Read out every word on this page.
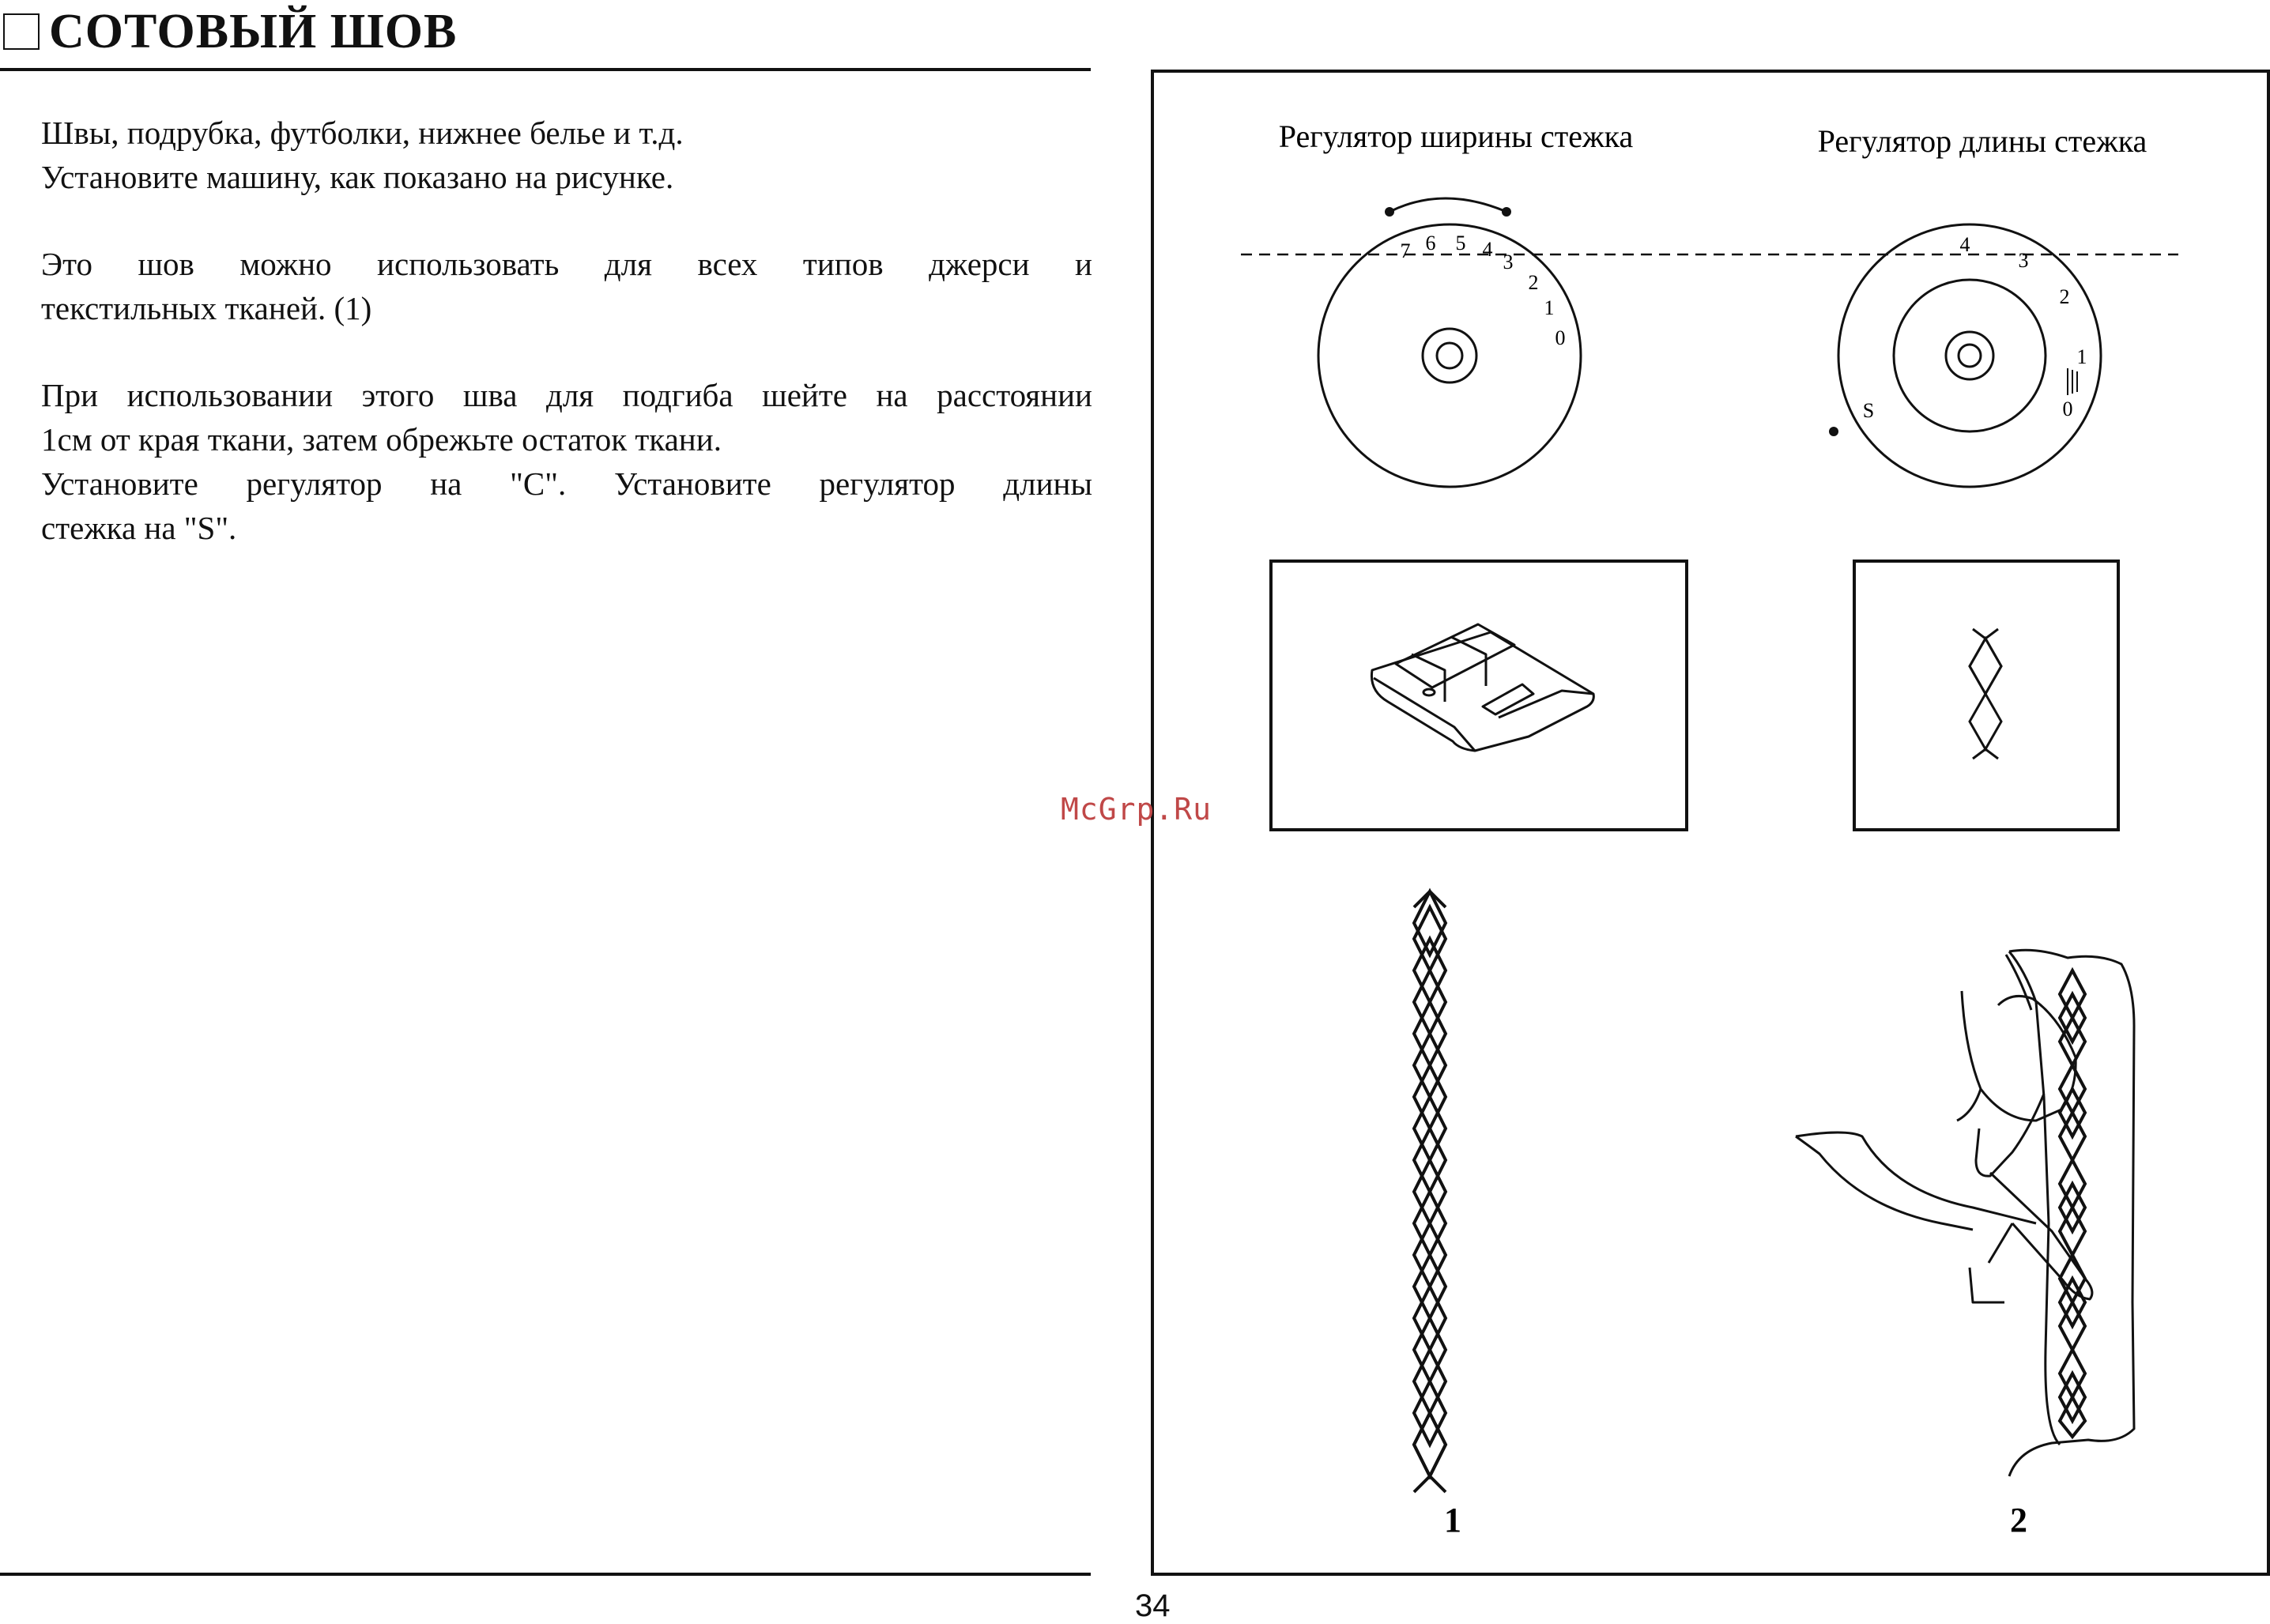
СОТОВЫЙ ШОВ

Швы, подрубка, футболки, нижнее белье и т.д.

Установите машину, как показано на рисунке.

Это шов можно использовать для всех типов джерси и

текстильных тканей. (1)

При использовании этого шва для подгиба шейте на расстоянии

1см от края ткани, затем обрежьте остаток ткани.

Установите регулятор на "С". Установите регулятор длины

стежка на "S".

Регулятор ширины стежка	Регулятор длины стежка
7 6 5 4
3
2
1
0
4
3
2
1
0
S
1	2
McGrp.Ru
34
